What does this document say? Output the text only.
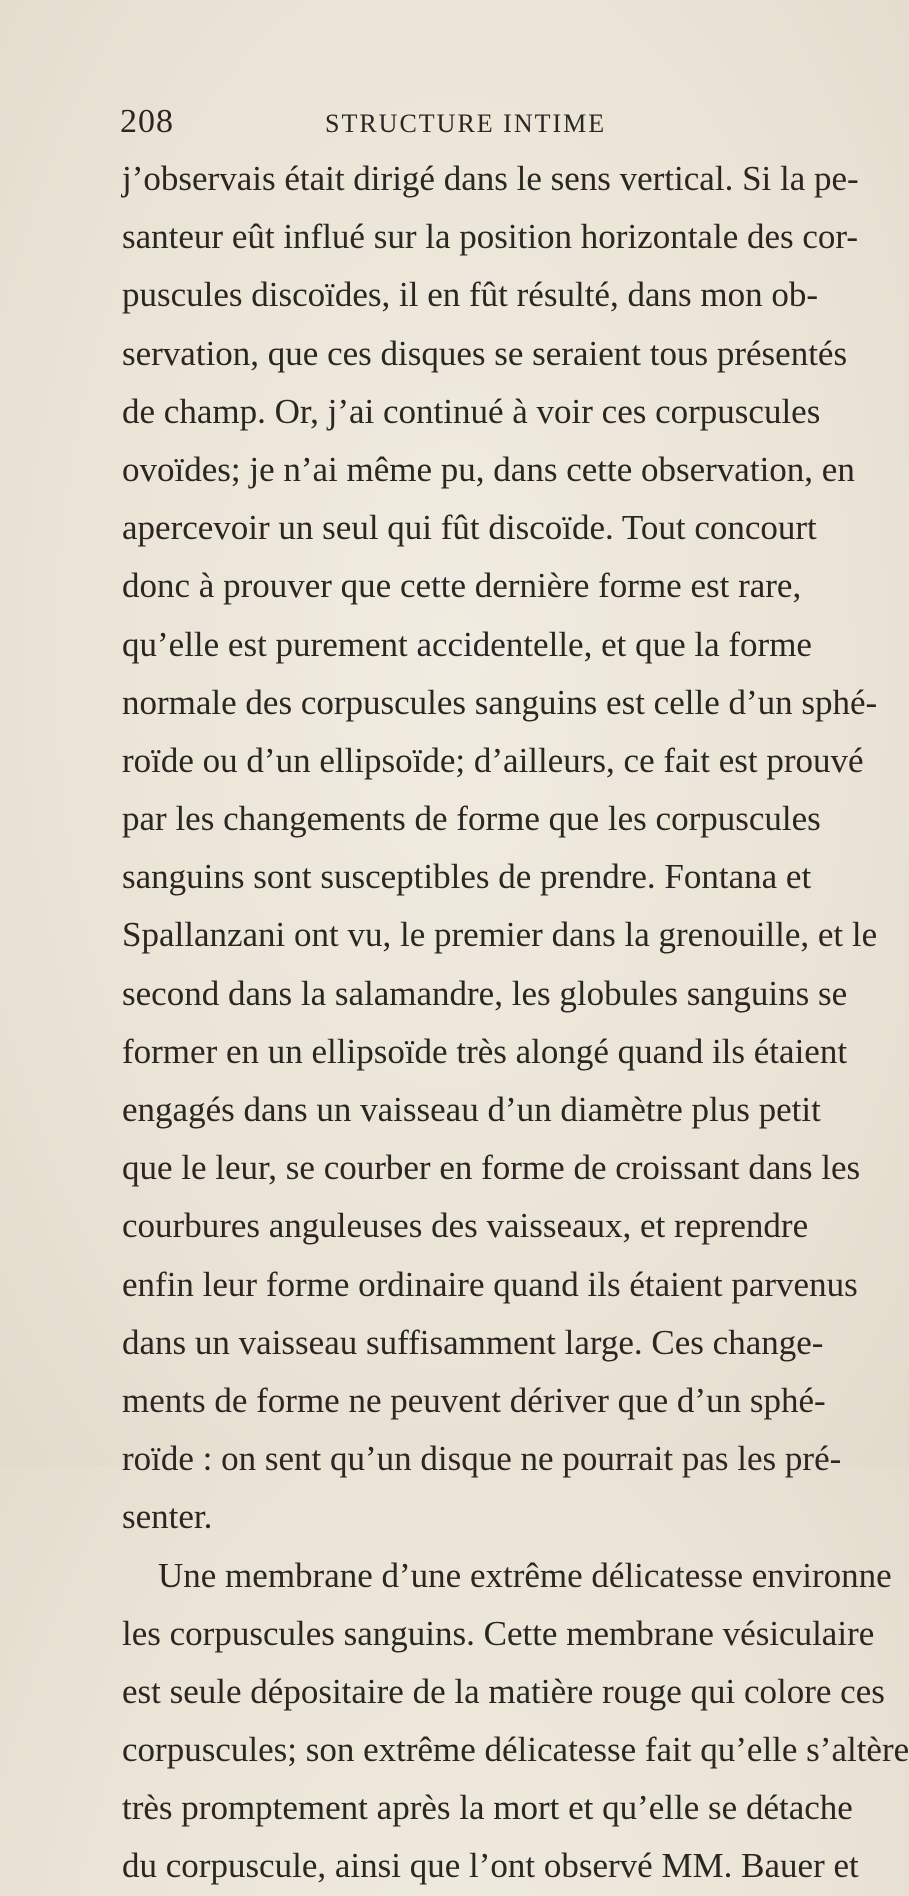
208	STRUCTURE INTIME
j’observais était dirigé dans le sens vertical. Si la pe-
santeur eût influé sur la position horizontale des cor-
puscules discoïdes, il en fût résulté, dans mon ob-
servation, que ces disques se seraient tous présentés
de champ. Or, j’ai continué à voir ces corpuscules
ovoïdes; je n’ai même pu, dans cette observation, en
apercevoir un seul qui fût discoïde. Tout concourt
donc à prouver que cette dernière forme est rare,
qu’elle est purement accidentelle, et que la forme
normale des corpuscules sanguins est celle d’un sphé-
roïde ou d’un ellipsoïde; d’ailleurs, ce fait est prouvé
par les changements de forme que les corpuscules
sanguins sont susceptibles de prendre. Fontana et
Spallanzani ont vu, le premier dans la grenouille, et le
second dans la salamandre, les globules sanguins se
former en un ellipsoïde très alongé quand ils étaient
engagés dans un vaisseau d’un diamètre plus petit
que le leur, se courber en forme de croissant dans les
courbures anguleuses des vaisseaux, et reprendre
enfin leur forme ordinaire quand ils étaient parvenus
dans un vaisseau suffisamment large. Ces change-
ments de forme ne peuvent dériver que d’un sphé-
roïde : on sent qu’un disque ne pourrait pas les pré-
senter.
Une membrane d’une extrême délicatesse environne
les corpuscules sanguins. Cette membrane vésiculaire
est seule dépositaire de la matière rouge qui colore ces
corpuscules; son extrême délicatesse fait qu’elle s’altère
très promptement après la mort et qu’elle se détache
du corpuscule, ainsi que l’ont observé MM. Bauer et
